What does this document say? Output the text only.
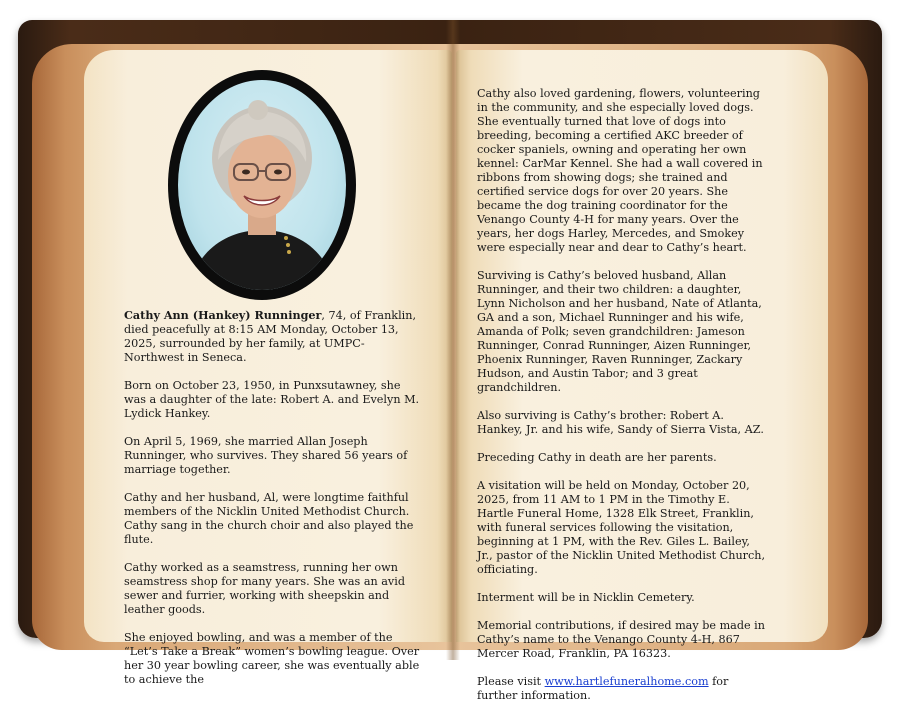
Cathy Ann (Hankey) Runninger, 74, of Franklin, died peacefully at 8:15 AM Monday, October 13, 2025, surrounded by her family, at UMPC-Northwest in Seneca.

Born on October 23, 1950, in Punxsutawney, she was a daughter of the late: Robert A. and Evelyn M. Lydick Hankey.

On April 5, 1969, she married Allan Joseph Runninger, who survives. They shared 56 years of marriage together.

Cathy and her husband, Al, were longtime faithful members of the Nicklin United Methodist Church. Cathy sang in the church choir and also played the flute.

Cathy worked as a seamstress, running her own seamstress shop for many years. She was an avid sewer and furrier, working with sheepskin and leather goods.

She enjoyed bowling, and was a member of the “Let’s Take a Break” women’s bowling league. Over her 30 year bowling career, she was eventually able to achieve the

Cathy also loved gardening, flowers, volunteering in the community, and she especially loved dogs. She eventually turned that love of dogs into breeding, becoming a certified AKC breeder of cocker spaniels, owning and operating her own kennel: CarMar Kennel. She had a wall covered in ribbons from showing dogs; she trained and certified service dogs for over 20 years. She became the dog training coordinator for the Venango County 4-H for many years. Over the years, her dogs Harley, Mercedes, and Smokey were especially near and dear to Cathy’s heart.

Surviving is Cathy’s beloved husband, Allan Runninger, and their two children: a daughter, Lynn Nicholson and her husband, Nate of Atlanta, GA and a son, Michael Runninger and his wife, Amanda of Polk; seven grandchildren: Jameson Runninger, Conrad Runninger, Aizen Runninger, Phoenix Runninger, Raven Runninger, Zackary Hudson, and Austin Tabor; and 3 great grandchildren.

Also surviving is Cathy’s brother: Robert A. Hankey, Jr. and his wife, Sandy of Sierra Vista, AZ.

Preceding Cathy in death are her parents.

A visitation will be held on Monday, October 20, 2025, from 11 AM to 1 PM in the Timothy E. Hartle Funeral Home, 1328 Elk Street, Franklin, with funeral services following the visitation, beginning at 1 PM, with the Rev. Giles L. Bailey, Jr., pastor of the Nicklin United Methodist Church, officiating.

Interment will be in Nicklin Cemetery.

Memorial contributions, if desired may be made in Cathy’s name to the Venango County 4-H, 867 Mercer Road, Franklin, PA 16323.

Please visit www.hartlefuneralhome.com for further information.
